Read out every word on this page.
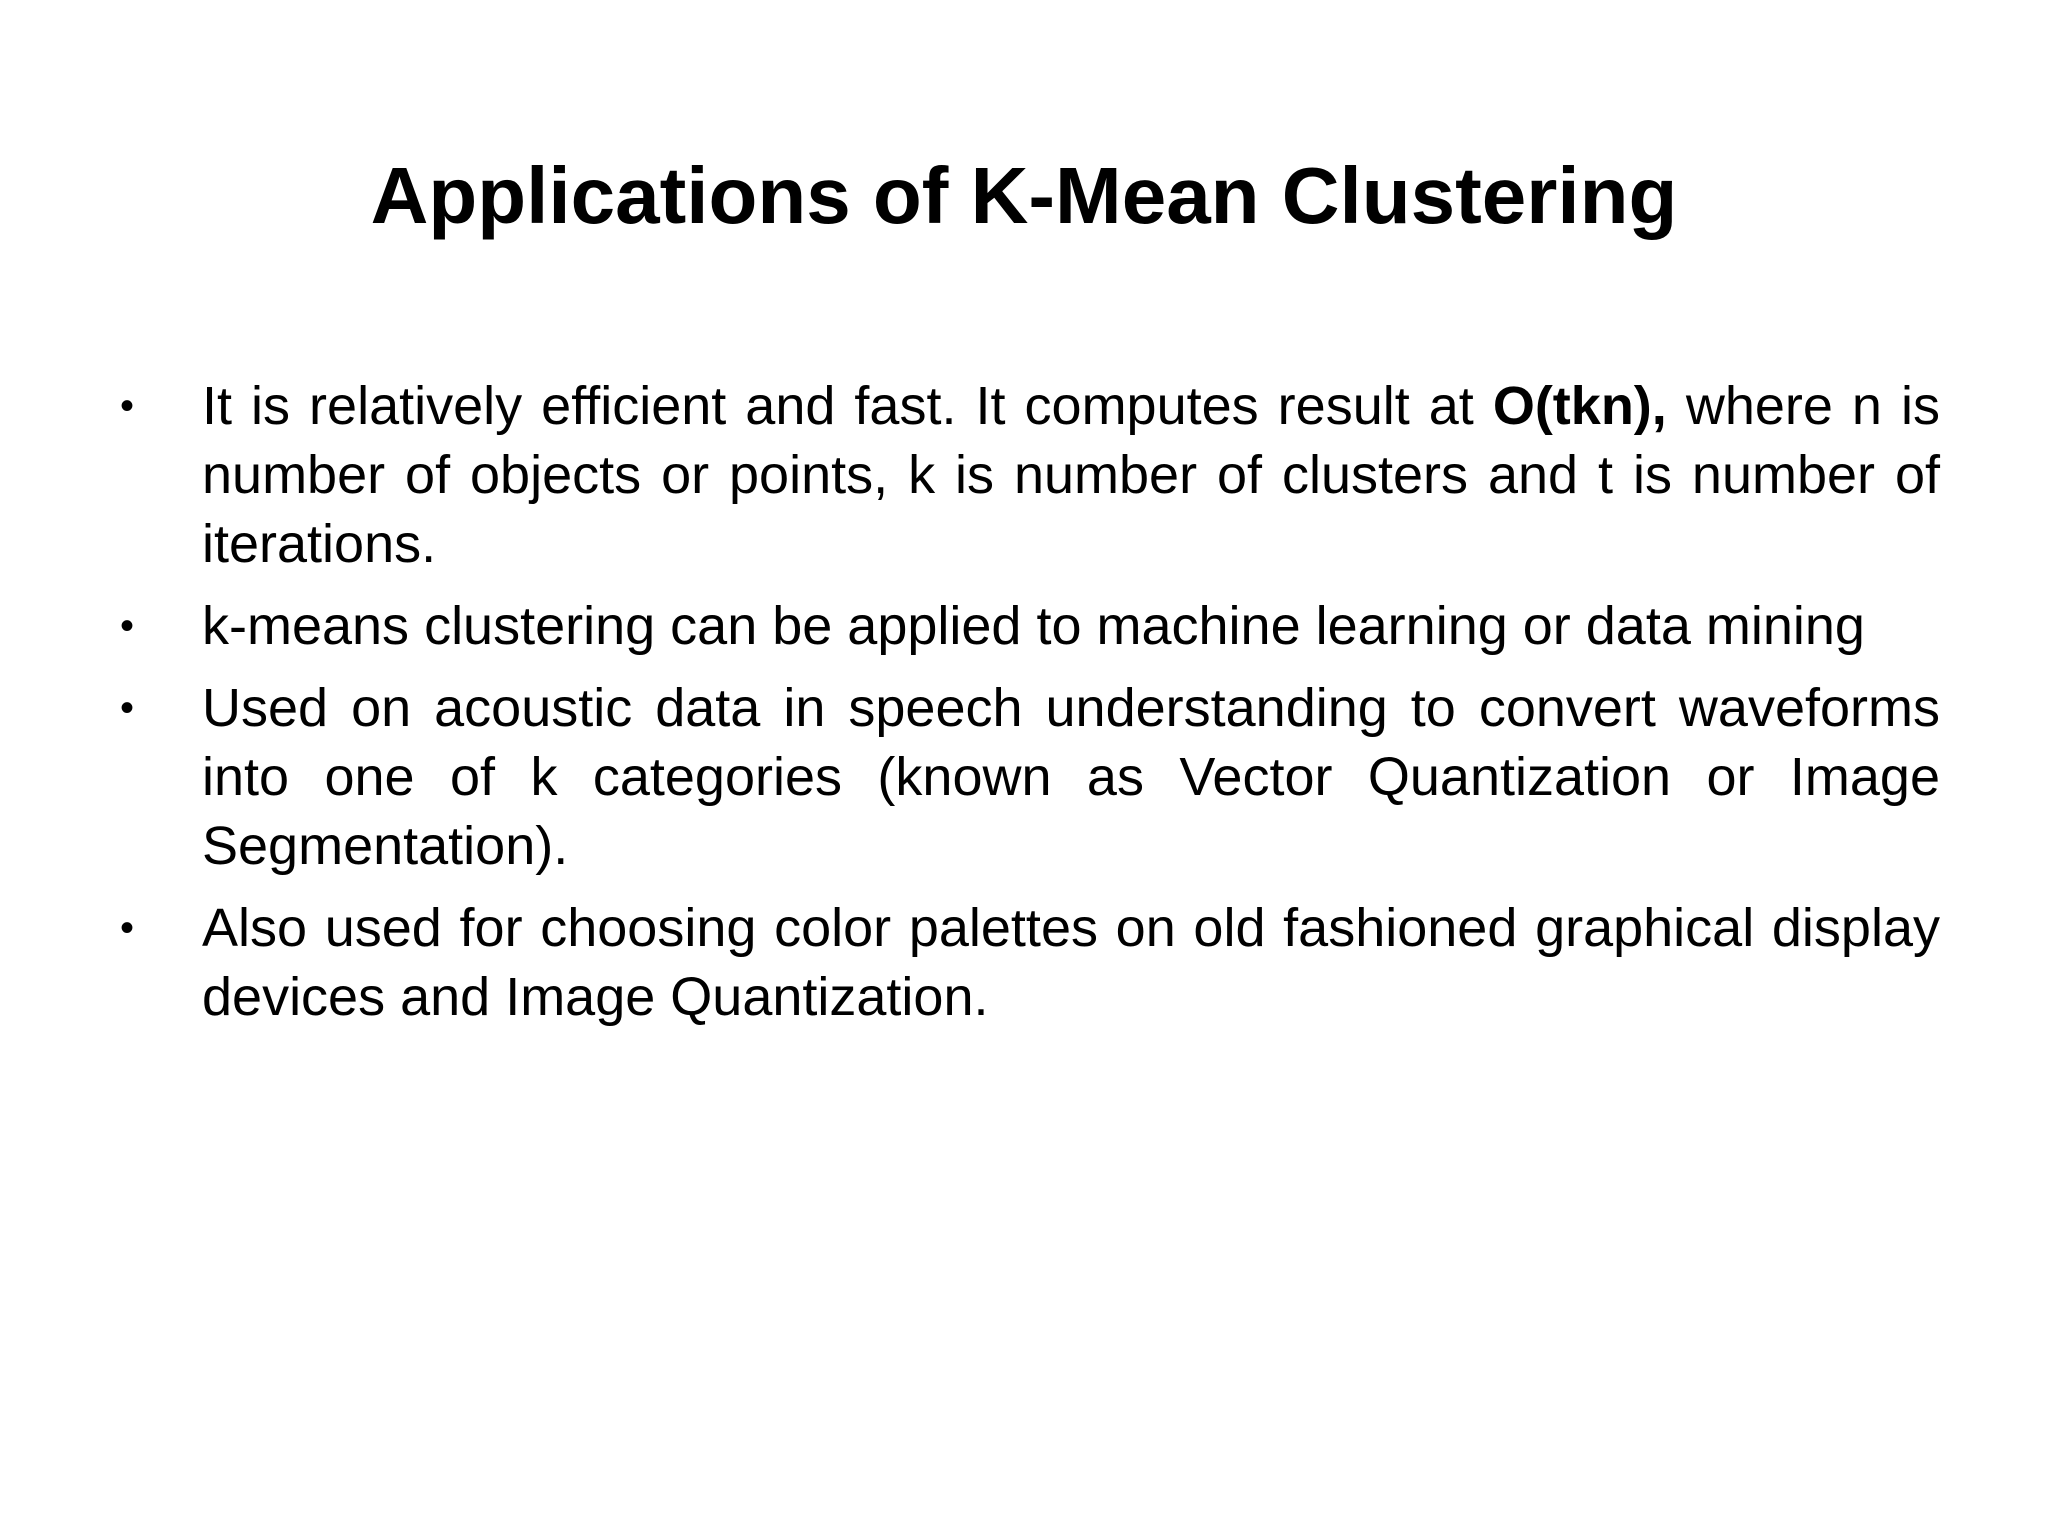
Applications of K-Mean Clustering
• It is relatively efficient and fast. It computes result at O(tkn), where n is number of objects or points, k is number of clusters and t is number of iterations.
• k-means clustering can be applied to machine learning or data mining
• Used on acoustic data in speech understanding to convert waveforms into one of k categories (known as Vector Quantization or Image Segmentation).
• Also used for choosing color palettes on old fashioned graphical display devices and Image Quantization.
